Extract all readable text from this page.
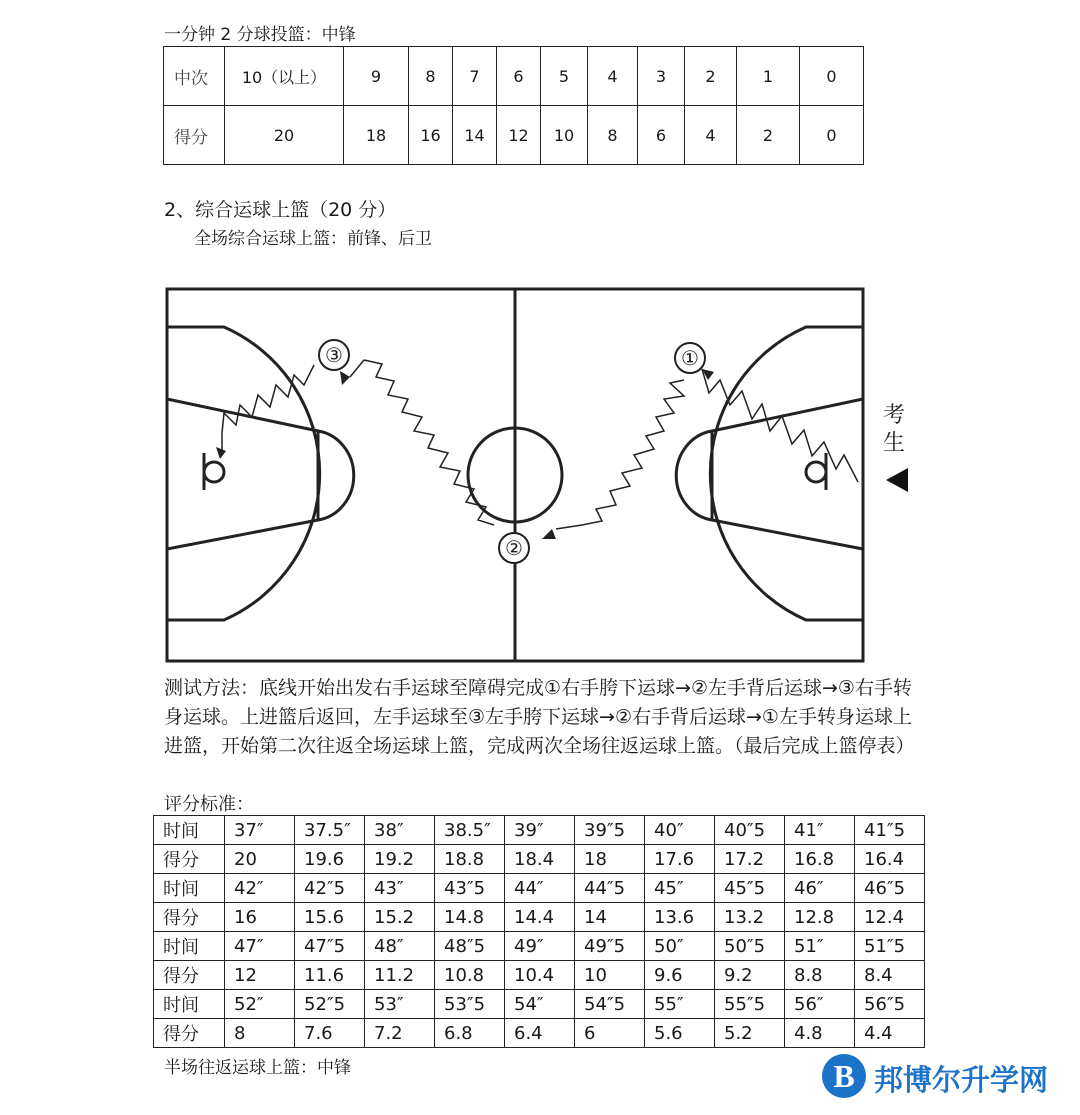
一分钟 2 分球投篮：中锋
中次	10（以上）	9	8	7	6	5	4	3	2	1	0
得分	20	18	16	14	12	10	8	6	4	2	0
2、综合运球上篮（20 分）
全场综合运球上篮：前锋、后卫
①
②
③
考
生
测试方法：底线开始出发右手运球至障碍完成①右手胯下运球→②左手背后运球→③右手转身运球。上进篮后返回，左手运球至③左手胯下运球→②右手背后运球→①左手转身运球上进篮，开始第二次往返全场运球上篮，完成两次全场往返运球上篮。（最后完成上篮停表）
评分标准：
时间	37″	37.5″	38″	38.5″	39″	39″5	40″	40″5	41″	41″5
得分	20	19.6	19.2	18.8	18.4	18	17.6	17.2	16.8	16.4
时间	42″	42″5	43″	43″5	44″	44″5	45″	45″5	46″	46″5
得分	16	15.6	15.2	14.8	14.4	14	13.6	13.2	12.8	12.4
时间	47″	47″5	48″	48″5	49″	49″5	50″	50″5	51″	51″5
得分	12	11.6	11.2	10.8	10.4	10	9.6	9.2	8.8	8.4
时间	52″	52″5	53″	53″5	54″	54″5	55″	55″5	56″	56″5
得分	8	7.6	7.2	6.8	6.4	6	5.6	5.2	4.8	4.4
半场往返运球上篮：中锋	B 邦博尔升学网
